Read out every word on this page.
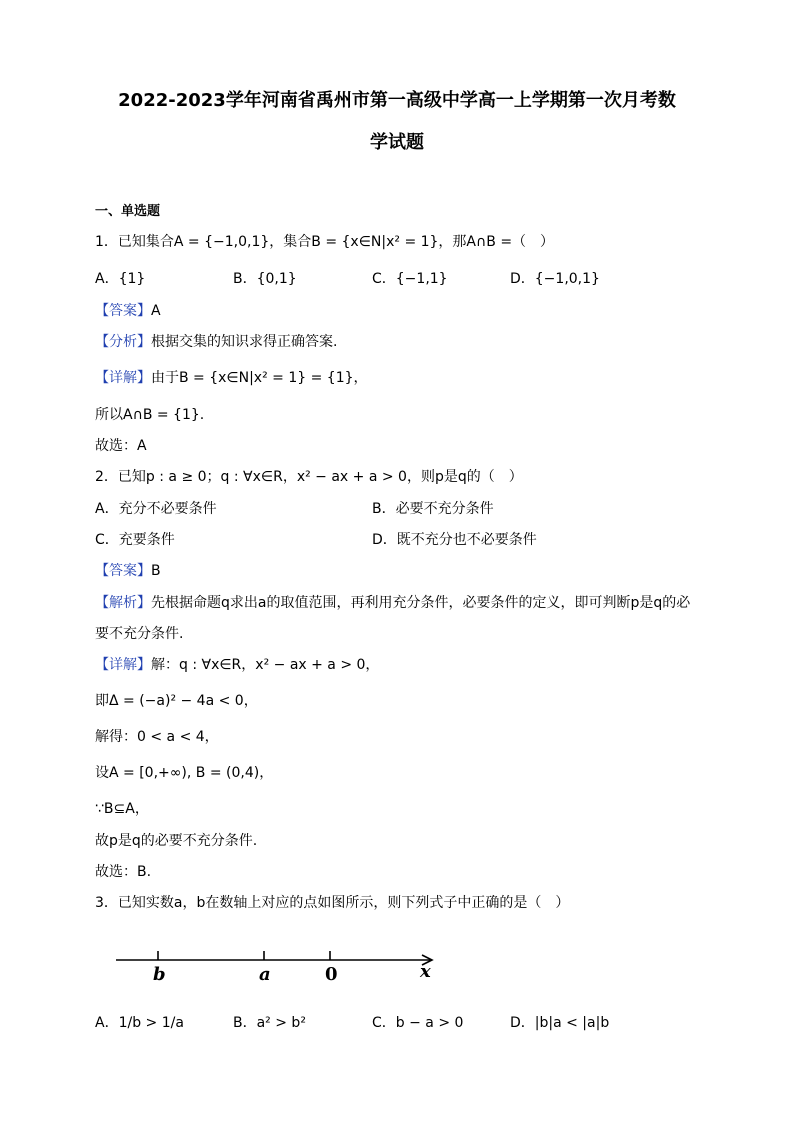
2022-2023学年河南省禹州市第一高级中学高一上学期第一次月考数
学试题
一、单选题
1．已知集合A = {−1,0,1}，集合B = {x∈N|x² = 1}，那A∩B =（　）
A．{1}	B．{0,1}	C．{−1,1}	D．{−1,0,1}
【答案】A
【分析】根据交集的知识求得正确答案.
【详解】由于B = {x∈N|x² = 1} = {1}，
所以A∩B = {1}.
故选：A
2．已知p : a ≥ 0；q : ∀x∈R，x² − ax + a > 0，则p是q的（　）
A．充分不必要条件	B．必要不充分条件
C．充要条件	D．既不充分也不必要条件
【答案】B
【解析】先根据命题q求出a的取值范围，再利用充分条件，必要条件的定义，即可判断p是q的必
要不充分条件.
【详解】解：q : ∀x∈R，x² − ax + a > 0，
即Δ = (−a)² − 4a < 0，
解得：0 < a < 4，
设A = [0,+∞), B = (0,4)，
∵B⊆A，
故p是q的必要不充分条件.
故选：B.
3．已知实数a，b在数轴上对应的点如图所示，则下列式子中正确的是（　）
b	a	0	x
A．1/b > 1/a	B．a² > b²	C．b − a > 0	D．|b|a < |a|b
